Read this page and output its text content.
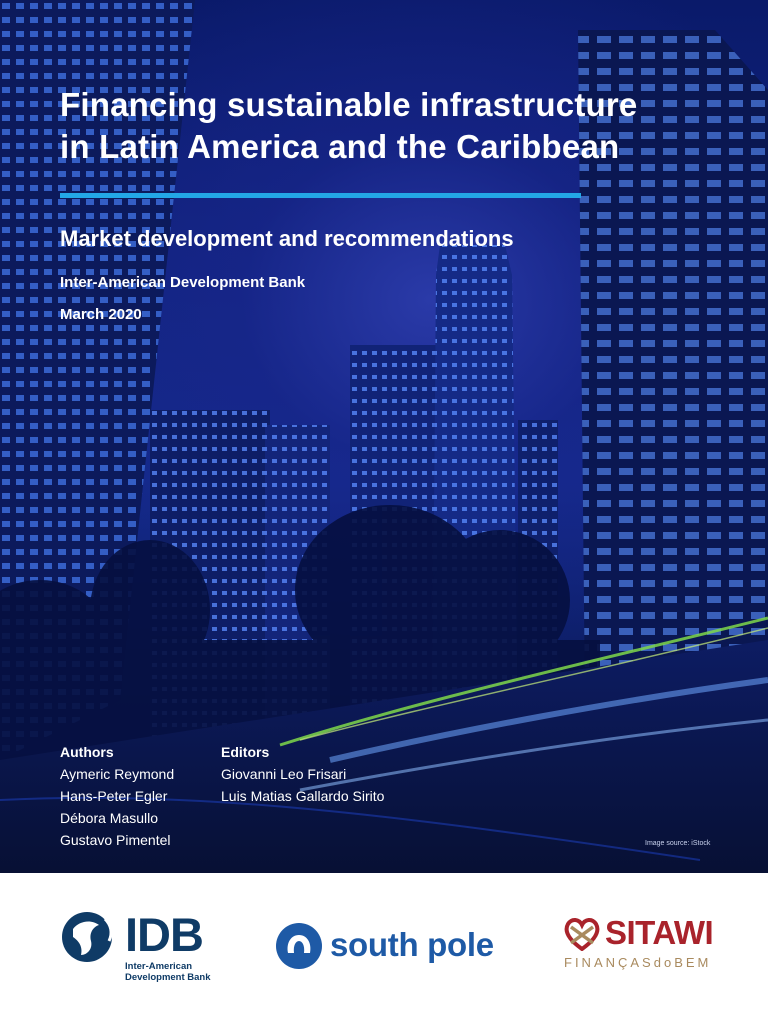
Financing sustainable infrastructure
in Latin America and the Caribbean
Market development and recommendations

Inter-American Development Bank

March 2020

Authors
Aymeric Reymond
Hans-Peter Egler
Débora Masullo
Gustavo Pimentel
Editors
Giovanni Leo Frisari
Luis Matias Gallardo Sirito
Image source: iStock
IDB
Inter-American
Development Bank
south pole	SITAWI
FINANÇASdoBEM
